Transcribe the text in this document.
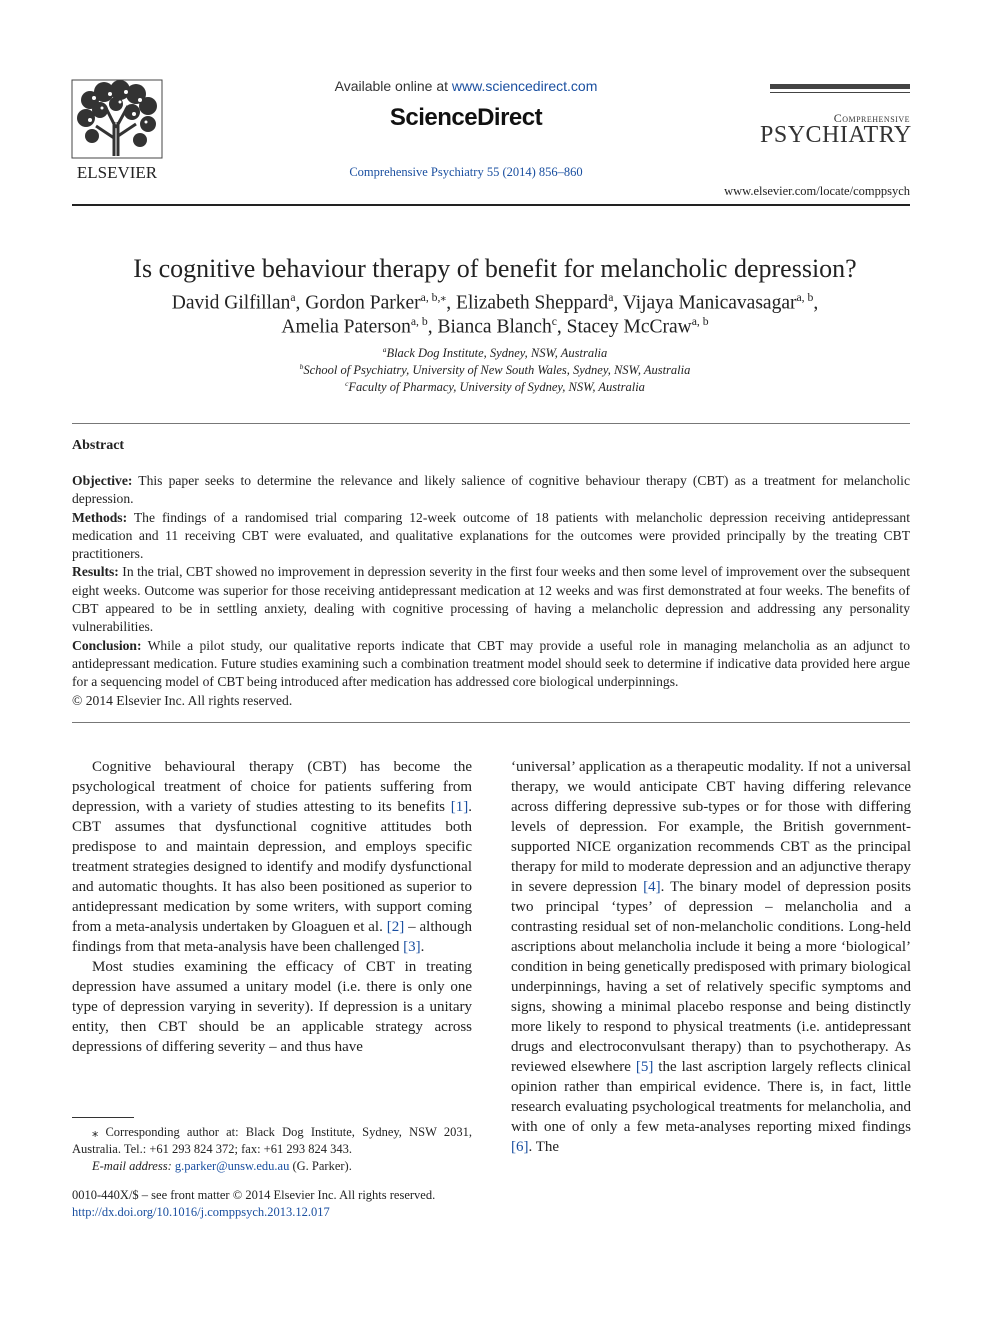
ELSEVIER
Available online at www.sciencedirect.com
ScienceDirect
Comprehensive Psychiatry 55 (2014) 856–860
Comprehensive
PSYCHIATRY
www.elsevier.com/locate/comppsych
Is cognitive behaviour therapy of benefit for melancholic depression?
David Gilfillan$^a$, Gordon Parker$^{a, b,⁎}$, Elizabeth Sheppard$^a$, Vijaya Manicavasagar$^{a, b}$,
Amelia Paterson$^{a, b}$, Bianca Blanch$^c$, Stacey McCraw$^{a, b}$
$^a$Black Dog Institute, Sydney, NSW, Australia
$^b$School of Psychiatry, University of New South Wales, Sydney, NSW, Australia
$^c$Faculty of Pharmacy, University of Sydney, NSW, Australia
Abstract

Objective: This paper seeks to determine the relevance and likely salience of cognitive behaviour therapy (CBT) as a treatment for melancholic depression.

Methods: The findings of a randomised trial comparing 12-week outcome of 18 patients with melancholic depression receiving antidepressant medication and 11 receiving CBT were evaluated, and qualitative explanations for the outcomes were provided principally by the treating CBT practitioners.

Results: In the trial, CBT showed no improvement in depression severity in the first four weeks and then some level of improvement over the subsequent eight weeks. Outcome was superior for those receiving antidepressant medication at 12 weeks and was first demonstrated at four weeks. The benefits of CBT appeared to be in settling anxiety, dealing with cognitive processing of having a melancholic depression and addressing any personality vulnerabilities.

Conclusion: While a pilot study, our qualitative reports indicate that CBT may provide a useful role in managing melancholia as an adjunct to antidepressant medication. Future studies examining such a combination treatment model should seek to determine if indicative data provided here argue for a sequencing model of CBT being introduced after medication has addressed core biological underpinnings.

© 2014 Elsevier Inc. All rights reserved.

Cognitive behavioural therapy (CBT) has become the psychological treatment of choice for patients suffering from depression, with a variety of studies attesting to its benefits [1]. CBT assumes that dysfunctional cognitive attitudes both predispose to and maintain depression, and employs specific treatment strategies designed to identify and modify dysfunctional and automatic thoughts. It has also been positioned as superior to antidepressant medication by some writers, with support coming from a meta-analysis undertaken by Gloaguen et al. [2] – although findings from that meta-analysis have been challenged [3].

Most studies examining the efficacy of CBT in treating depression have assumed a unitary model (i.e. there is only one type of depression varying in severity). If depression is a unitary entity, then CBT should be an applicable strategy across depressions of differing severity – and thus have

‘universal’ application as a therapeutic modality. If not a universal therapy, we would anticipate CBT having differing relevance across differing depressive sub-types or for those with differing levels of depression. For example, the British government-supported NICE organization recommends CBT as the principal therapy for mild to moderate depression and an adjunctive therapy in severe depression [4]. The binary model of depression posits two principal ‘types’ of depression – melancholia and a contrasting residual set of non-melancholic conditions. Long-held ascriptions about melancholia include it being a more ‘biological’ condition in being genetically predisposed with primary biological underpinnings, having a set of relatively specific symptoms and signs, showing a minimal placebo response and being distinctly more likely to respond to physical treatments (i.e. antidepressant drugs and electroconvulsant therapy) than to psychotherapy. As reviewed elsewhere [5] the last ascription largely reflects clinical opinion rather than empirical evidence. There is, in fact, little research evaluating psychological treatments for melancholia, and with one of only a few meta-analyses reporting mixed findings [6]. The

⁎ Corresponding author at: Black Dog Institute, Sydney, NSW 2031, Australia. Tel.: +61 293 824 372; fax: +61 293 824 343.

E-mail address: g.parker@unsw.edu.au (G. Parker).

0010-440X/$ – see front matter © 2014 Elsevier Inc. All rights reserved.

http://dx.doi.org/10.1016/j.comppsych.2013.12.017
